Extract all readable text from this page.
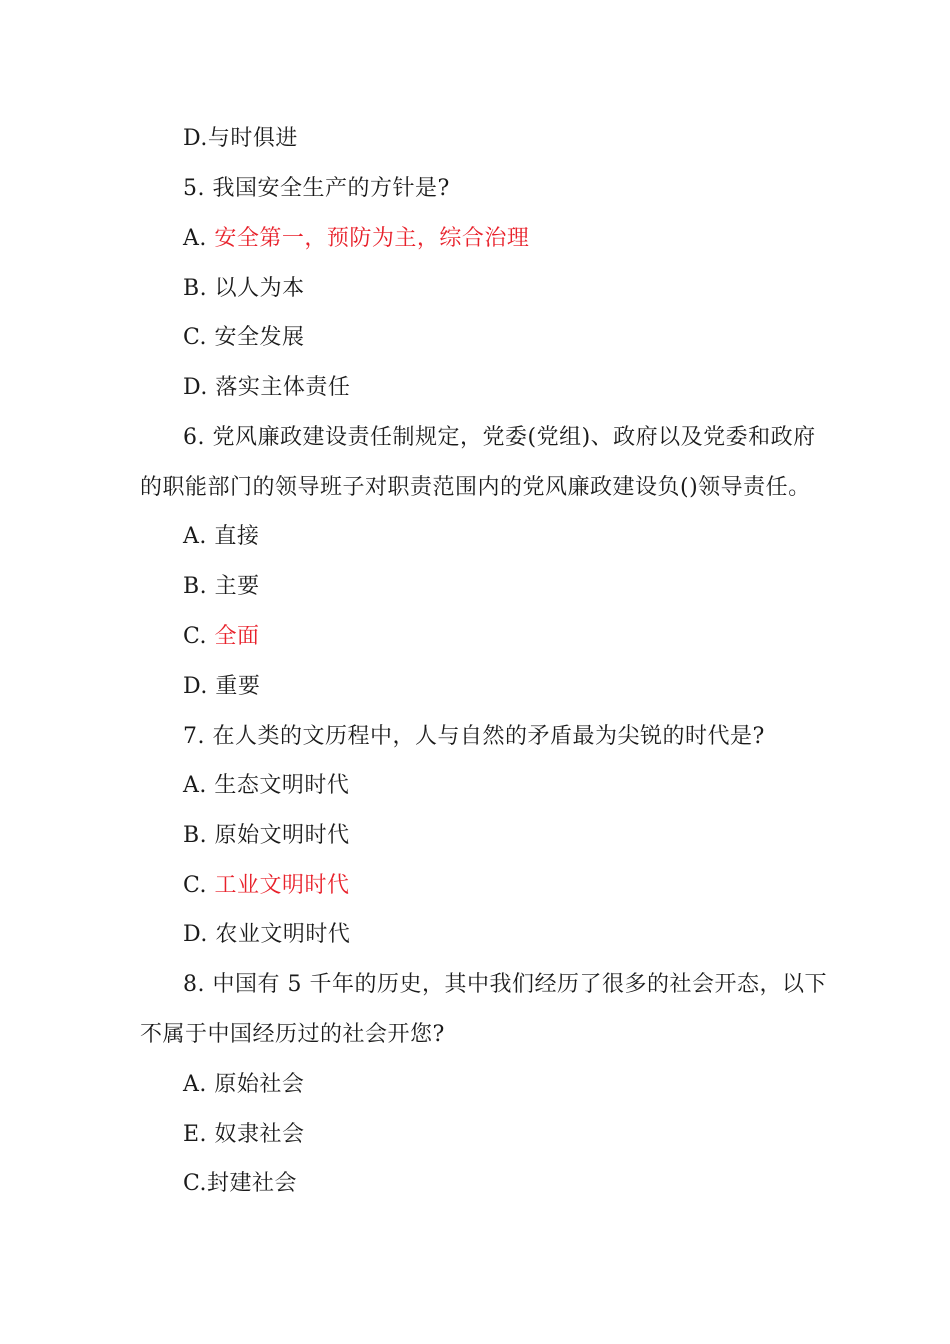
D.与时俱进
5. 我国安全生产的方针是?
A. 安全第一，预防为主，综合治理
B. 以人为本
C. 安全发展
D. 落实主体责任
6. 党风廉政建设责任制规定，党委(党组)、政府以及党委和政府
的职能部门的领导班子对职责范围内的党风廉政建设负()领导责任。
A. 直接
B. 主要
C. 全面
D. 重要
7. 在人类的文历程中，人与自然的矛盾最为尖锐的时代是?
A. 生态文明时代
B. 原始文明时代
C. 工业文明时代
D. 农业文明时代
8. 中国有 5 千年的历史，其中我们经历了很多的社会开态，以下
不属于中国经历过的社会开您?
A. 原始社会
E. 奴隶社会
C.封建社会
